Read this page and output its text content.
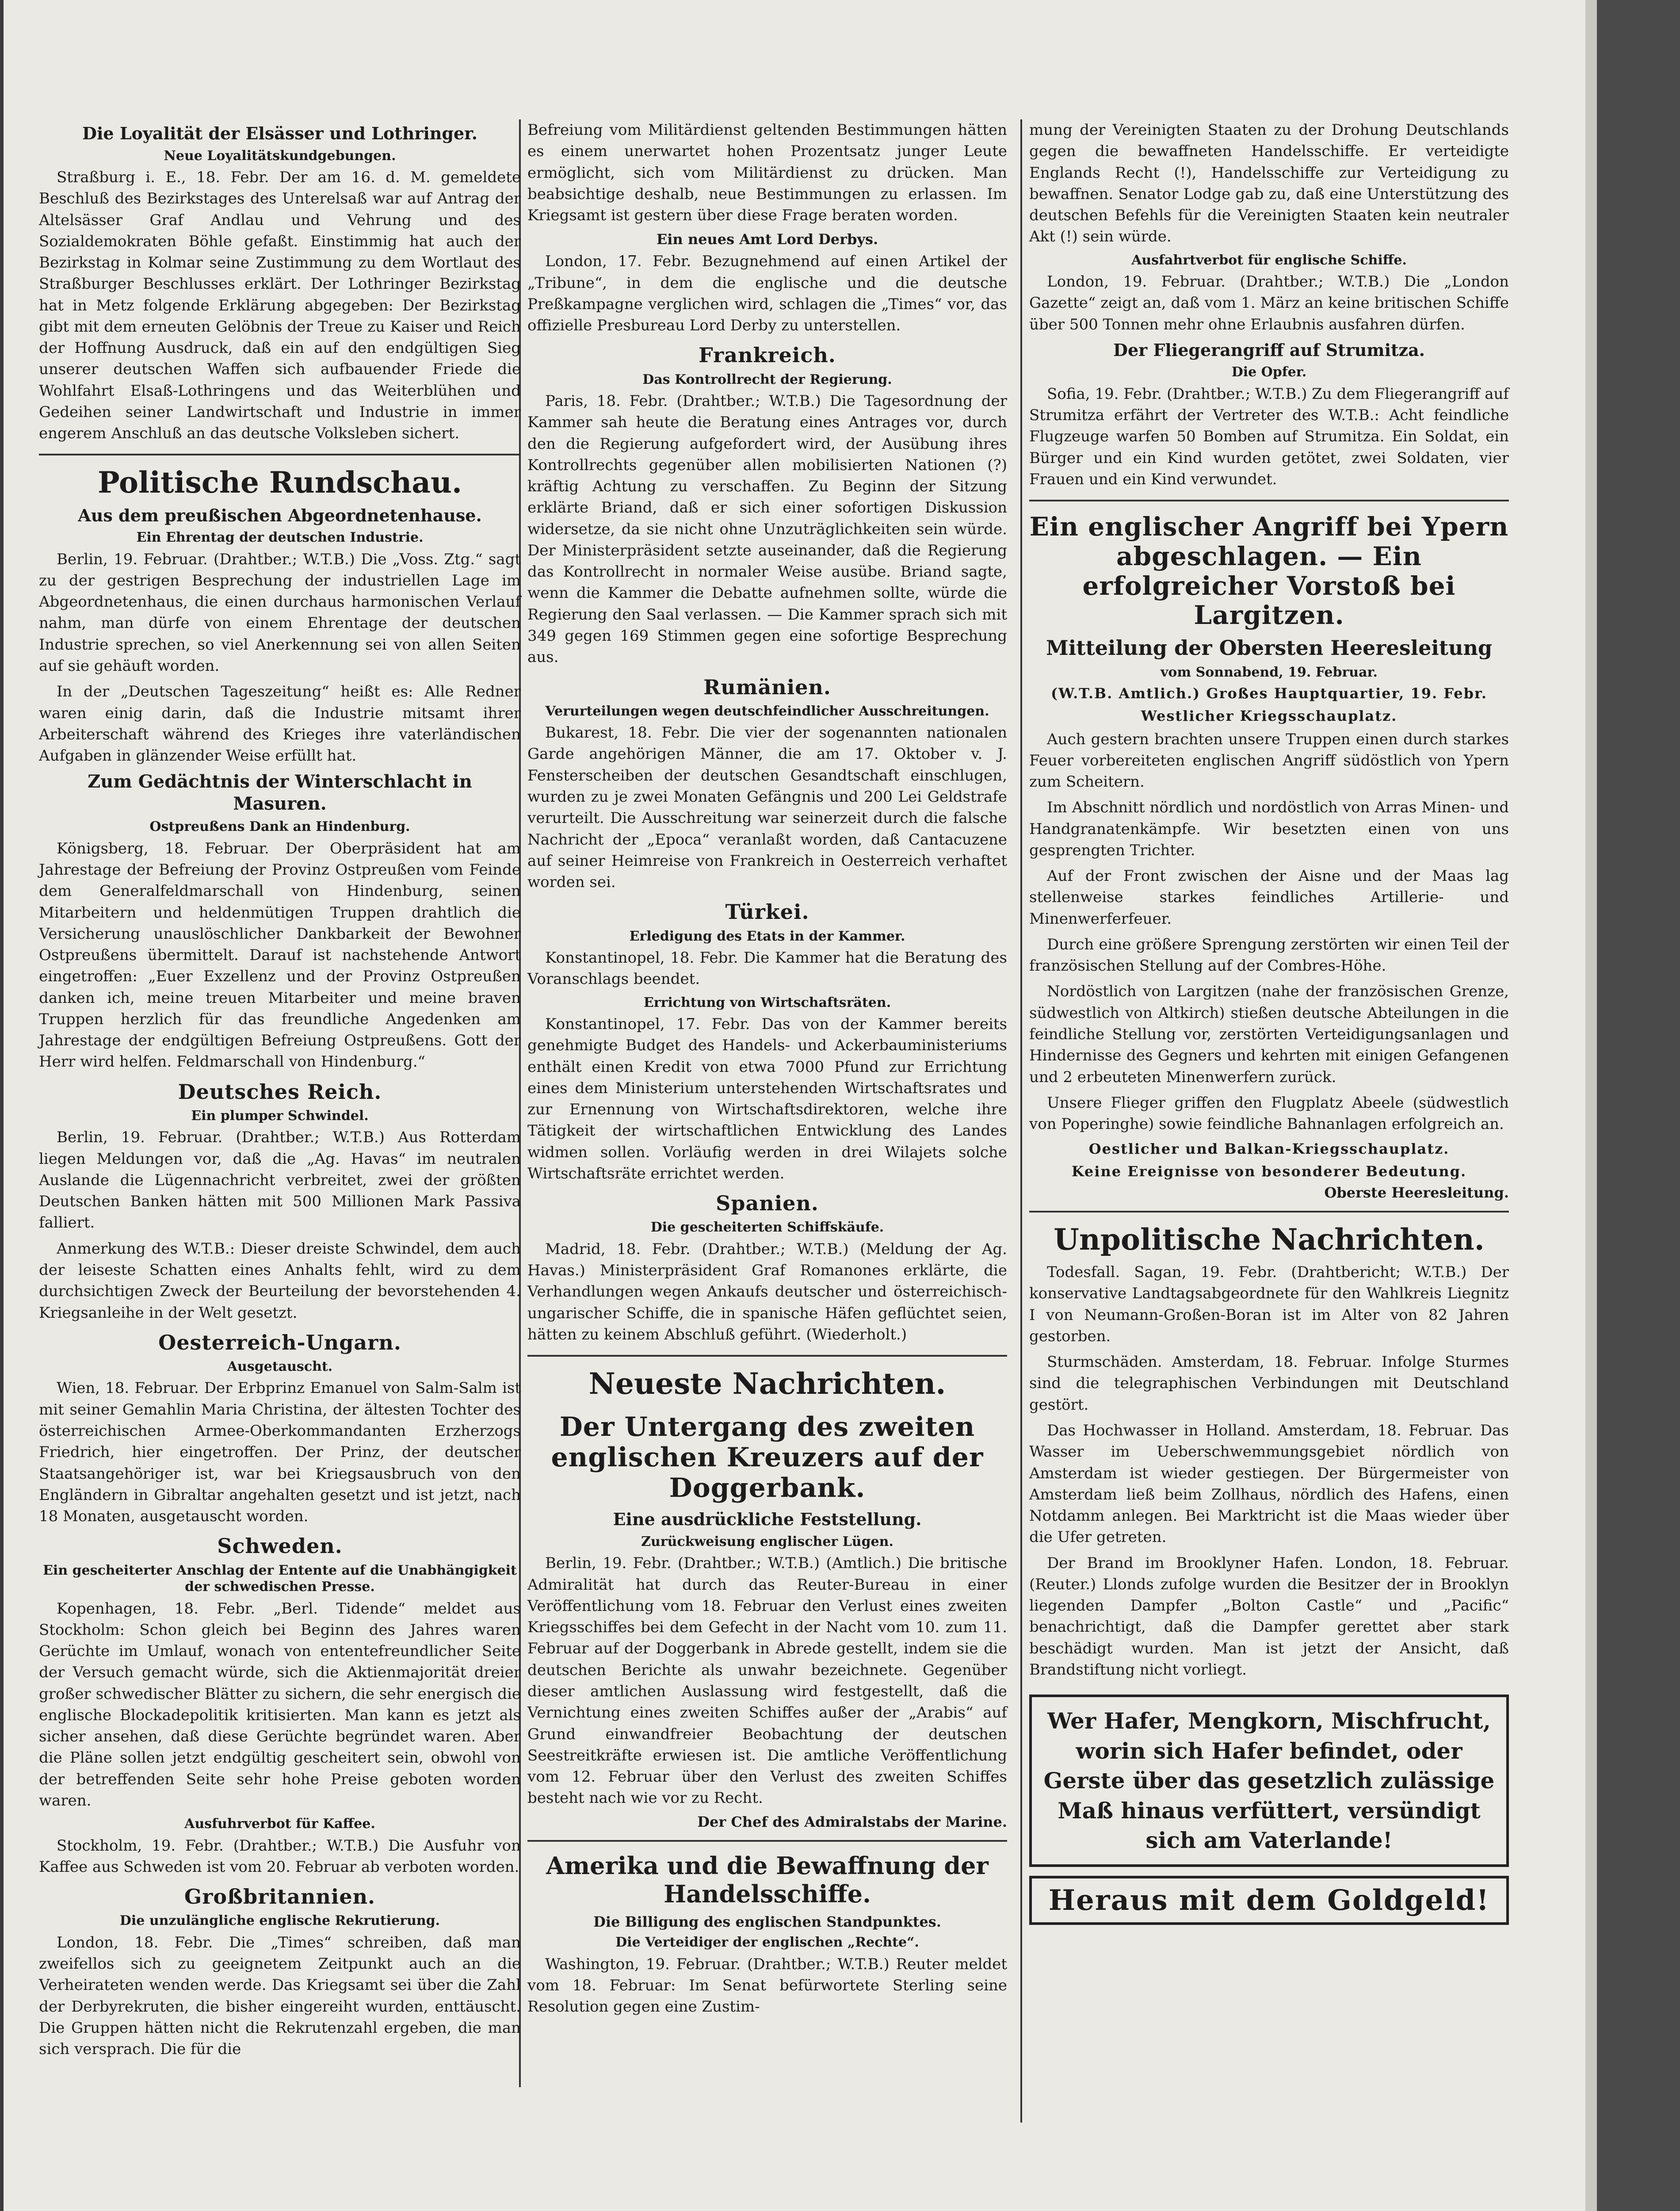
Die Loyalität der Elsässer und Lothringer.
Neue Loyalitätskundgebungen.

Straßburg i. E., 18. Febr. Der am 16. d. M. gemeldete Beschluß des Bezirkstages des Unterelsaß war auf Antrag der Altelsässer Graf Andlau und Vehrung und des Sozialdemokraten Böhle gefaßt. Einstimmig hat auch der Bezirkstag in Kolmar seine Zustimmung zu dem Wortlaut des Straßburger Beschlusses erklärt. Der Lothringer Bezirkstag hat in Metz folgende Erklärung abgegeben: Der Bezirkstag gibt mit dem erneuten Gelöbnis der Treue zu Kaiser und Reich der Hoffnung Ausdruck, daß ein auf den endgültigen Sieg unserer deutschen Waffen sich aufbauender Friede die Wohlfahrt Elsaß-Lothringens und das Weiterblühen und Gedeihen seiner Landwirtschaft und Industrie in immer engerem Anschluß an das deutsche Volksleben sichert.

Politische Rundschau.
Aus dem preußischen Abgeordnetenhause.
Ein Ehrentag der deutschen Industrie.

Berlin, 19. Februar. (Drahtber.; W.T.B.) Die „Voss. Ztg.“ sagt zu der gestrigen Besprechung der industriellen Lage im Abgeordnetenhaus, die einen durchaus harmonischen Verlauf nahm, man dürfe von einem Ehrentage der deutschen Industrie sprechen, so viel Anerkennung sei von allen Seiten auf sie gehäuft worden.

In der „Deutschen Tageszeitung“ heißt es: Alle Redner waren einig darin, daß die Industrie mitsamt ihrer Arbeiterschaft während des Krieges ihre vaterländischen Aufgaben in glänzender Weise erfüllt hat.

Zum Gedächtnis der Winterschlacht in Masuren.
Ostpreußens Dank an Hindenburg.

Königsberg, 18. Februar. Der Oberpräsident hat am Jahrestage der Befreiung der Provinz Ostpreußen vom Feinde dem Generalfeldmarschall von Hindenburg, seinen Mitarbeitern und heldenmütigen Truppen drahtlich die Versicherung unauslöschlicher Dankbarkeit der Bewohner Ostpreußens übermittelt. Darauf ist nachstehende Antwort eingetroffen: „Euer Exzellenz und der Provinz Ostpreußen danken ich, meine treuen Mitarbeiter und meine braven Truppen herzlich für das freundliche Angedenken am Jahrestage der endgültigen Befreiung Ostpreußens. Gott der Herr wird helfen. Feldmarschall von Hindenburg.“

Deutsches Reich.
Ein plumper Schwindel.

Berlin, 19. Februar. (Drahtber.; W.T.B.) Aus Rotterdam liegen Meldungen vor, daß die „Ag. Havas“ im neutralen Auslande die Lügennachricht verbreitet, zwei der größten Deutschen Banken hätten mit 500 Millionen Mark Passiva falliert.

Anmerkung des W.T.B.: Dieser dreiste Schwindel, dem auch der leiseste Schatten eines Anhalts fehlt, wird zu dem durchsichtigen Zweck der Beurteilung der bevorstehenden 4. Kriegsanleihe in der Welt gesetzt.

Oesterreich-Ungarn.
Ausgetauscht.

Wien, 18. Februar. Der Erbprinz Emanuel von Salm-Salm ist mit seiner Gemahlin Maria Christina, der ältesten Tochter des österreichischen Armee-Oberkommandanten Erzherzogs Friedrich, hier eingetroffen. Der Prinz, der deutscher Staatsangehöriger ist, war bei Kriegsausbruch von den Engländern in Gibraltar angehalten gesetzt und ist jetzt, nach 18 Monaten, ausgetauscht worden.

Schweden.
Ein gescheiterter Anschlag der Entente auf die Unabhängigkeit der schwedischen Presse.

Kopenhagen, 18. Febr. „Berl. Tidende“ meldet aus Stockholm: Schon gleich bei Beginn des Jahres waren Gerüchte im Umlauf, wonach von ententefreundlicher Seite der Versuch gemacht würde, sich die Aktienmajorität dreier großer schwedischer Blätter zu sichern, die sehr energisch die englische Blockadepolitik kritisierten. Man kann es jetzt als sicher ansehen, daß diese Gerüchte begründet waren. Aber die Pläne sollen jetzt endgültig gescheitert sein, obwohl von der betreffenden Seite sehr hohe Preise geboten worden waren.

Ausfuhrverbot für Kaffee.

Stockholm, 19. Febr. (Drahtber.; W.T.B.) Die Ausfuhr von Kaffee aus Schweden ist vom 20. Februar ab verboten worden.

Großbritannien.
Die unzulängliche englische Rekrutierung.

London, 18. Febr. Die „Times“ schreiben, daß man zweifellos sich zu geeignetem Zeitpunkt auch an die Verheirateten wenden werde. Das Kriegsamt sei über die Zahl der Derbyrekruten, die bisher eingereiht wurden, enttäuscht. Die Gruppen hätten nicht die Rekrutenzahl ergeben, die man sich versprach. Die für die

Befreiung vom Militärdienst geltenden Bestimmungen hätten es einem unerwartet hohen Prozentsatz junger Leute ermöglicht, sich vom Militärdienst zu drücken. Man beabsichtige deshalb, neue Bestimmungen zu erlassen. Im Kriegsamt ist gestern über diese Frage beraten worden.

Ein neues Amt Lord Derbys.

London, 17. Febr. Bezugnehmend auf einen Artikel der „Tribune“, in dem die englische und die deutsche Preßkampagne verglichen wird, schlagen die „Times“ vor, das offizielle Presbureau Lord Derby zu unterstellen.

Frankreich.
Das Kontrollrecht der Regierung.

Paris, 18. Febr. (Drahtber.; W.T.B.) Die Tagesordnung der Kammer sah heute die Beratung eines Antrages vor, durch den die Regierung aufgefordert wird, der Ausübung ihres Kontrollrechts gegenüber allen mobilisierten Nationen (?) kräftig Achtung zu verschaffen. Zu Beginn der Sitzung erklärte Briand, daß er sich einer sofortigen Diskussion widersetze, da sie nicht ohne Unzuträglichkeiten sein würde. Der Ministerpräsident setzte auseinander, daß die Regierung das Kontrollrecht in normaler Weise ausübe. Briand sagte, wenn die Kammer die Debatte aufnehmen sollte, würde die Regierung den Saal verlassen. — Die Kammer sprach sich mit 349 gegen 169 Stimmen gegen eine sofortige Besprechung aus.

Rumänien.
Verurteilungen wegen deutschfeindlicher Ausschreitungen.

Bukarest, 18. Febr. Die vier der sogenannten nationalen Garde angehörigen Männer, die am 17. Oktober v. J. Fensterscheiben der deutschen Gesandtschaft einschlugen, wurden zu je zwei Monaten Gefängnis und 200 Lei Geldstrafe verurteilt. Die Ausschreitung war seinerzeit durch die falsche Nachricht der „Epoca“ veranlaßt worden, daß Cantacuzene auf seiner Heimreise von Frankreich in Oesterreich verhaftet worden sei.

Türkei.
Erledigung des Etats in der Kammer.

Konstantinopel, 18. Febr. Die Kammer hat die Beratung des Voranschlags beendet.

Errichtung von Wirtschaftsräten.

Konstantinopel, 17. Febr. Das von der Kammer bereits genehmigte Budget des Handels- und Ackerbauministeriums enthält einen Kredit von etwa 7000 Pfund zur Errichtung eines dem Ministerium unterstehenden Wirtschaftsrates und zur Ernennung von Wirtschaftsdirektoren, welche ihre Tätigkeit der wirtschaftlichen Entwicklung des Landes widmen sollen. Vorläufig werden in drei Wilajets solche Wirtschaftsräte errichtet werden.

Spanien.
Die gescheiterten Schiffskäufe.

Madrid, 18. Febr. (Drahtber.; W.T.B.) (Meldung der Ag. Havas.) Ministerpräsident Graf Romanones erklärte, die Verhandlungen wegen Ankaufs deutscher und österreichisch-ungarischer Schiffe, die in spanische Häfen geflüchtet seien, hätten zu keinem Abschluß geführt. (Wiederholt.)

Neueste Nachrichten.
Der Untergang des zweiten englischen Kreuzers auf der Doggerbank.
Eine ausdrückliche Feststellung.
Zurückweisung englischer Lügen.

Berlin, 19. Febr. (Drahtber.; W.T.B.) (Amtlich.) Die britische Admiralität hat durch das Reuter-Bureau in einer Veröffentlichung vom 18. Februar den Verlust eines zweiten Kriegsschiffes bei dem Gefecht in der Nacht vom 10. zum 11. Februar auf der Doggerbank in Abrede gestellt, indem sie die deutschen Berichte als unwahr bezeichnete. Gegenüber dieser amtlichen Auslassung wird festgestellt, daß die Vernichtung eines zweiten Schiffes außer der „Arabis“ auf Grund einwandfreier Beobachtung der deutschen Seestreitkräfte erwiesen ist. Die amtliche Veröffentlichung vom 12. Februar über den Verlust des zweiten Schiffes besteht nach wie vor zu Recht.

Der Chef des Admiralstabs der Marine.
Amerika und die Bewaffnung der Handelsschiffe.
Die Billigung des englischen Standpunktes.
Die Verteidiger der englischen „Rechte“.

Washington, 19. Februar. (Drahtber.; W.T.B.) Reuter meldet vom 18. Februar: Im Senat befürwortete Sterling seine Resolution gegen eine Zustim-

mung der Vereinigten Staaten zu der Drohung Deutschlands gegen die bewaffneten Handelsschiffe. Er verteidigte Englands Recht (!), Handelsschiffe zur Verteidigung zu bewaffnen. Senator Lodge gab zu, daß eine Unterstützung des deutschen Befehls für die Vereinigten Staaten kein neutraler Akt (!) sein würde.

Ausfahrtverbot für englische Schiffe.

London, 19. Februar. (Drahtber.; W.T.B.) Die „London Gazette“ zeigt an, daß vom 1. März an keine britischen Schiffe über 500 Tonnen mehr ohne Erlaubnis ausfahren dürfen.

Der Fliegerangriff auf Strumitza.
Die Opfer.

Sofia, 19. Febr. (Drahtber.; W.T.B.) Zu dem Fliegerangriff auf Strumitza erfährt der Vertreter des W.T.B.: Acht feindliche Flugzeuge warfen 50 Bomben auf Strumitza. Ein Soldat, ein Bürger und ein Kind wurden getötet, zwei Soldaten, vier Frauen und ein Kind verwundet.

Ein englischer Angriff bei Ypern abgeschlagen. — Ein erfolgreicher Vorstoß bei Largitzen.
Mitteilung der Obersten Heeresleitung
vom Sonnabend, 19. Februar.
(W.T.B. Amtlich.) Großes Hauptquartier, 19. Febr.
Westlicher Kriegsschauplatz.

Auch gestern brachten unsere Truppen einen durch starkes Feuer vorbereiteten englischen Angriff südöstlich von Ypern zum Scheitern.

Im Abschnitt nördlich und nordöstlich von Arras Minen- und Handgranatenkämpfe. Wir besetzten einen von uns gesprengten Trichter.

Auf der Front zwischen der Aisne und der Maas lag stellenweise starkes feindliches Artillerie- und Minenwerferfeuer.

Durch eine größere Sprengung zerstörten wir einen Teil der französischen Stellung auf der Combres-Höhe.

Nordöstlich von Largitzen (nahe der französischen Grenze, südwestlich von Altkirch) stießen deutsche Abteilungen in die feindliche Stellung vor, zerstörten Verteidigungsanlagen und Hindernisse des Gegners und kehrten mit einigen Gefangenen und 2 erbeuteten Minenwerfern zurück.

Unsere Flieger griffen den Flugplatz Abeele (südwestlich von Poperinghe) sowie feindliche Bahnanlagen erfolgreich an.

Oestlicher und Balkan-Kriegsschauplatz.
Keine Ereignisse von besonderer Bedeutung.
Oberste Heeresleitung.
Unpolitische Nachrichten.

Todesfall. Sagan, 19. Febr. (Drahtbericht; W.T.B.) Der konservative Landtagsabgeordnete für den Wahlkreis Liegnitz I von Neumann-Großen-Boran ist im Alter von 82 Jahren gestorben.

Sturmschäden. Amsterdam, 18. Februar. Infolge Sturmes sind die telegraphischen Verbindungen mit Deutschland gestört.

Das Hochwasser in Holland. Amsterdam, 18. Februar. Das Wasser im Ueberschwemmungsgebiet nördlich von Amsterdam ist wieder gestiegen. Der Bürgermeister von Amsterdam ließ beim Zollhaus, nördlich des Hafens, einen Notdamm anlegen. Bei Marktricht ist die Maas wieder über die Ufer getreten.

Der Brand im Brooklyner Hafen. London, 18. Februar. (Reuter.) Llonds zufolge wurden die Besitzer der in Brooklyn liegenden Dampfer „Bolton Castle“ und „Pacific“ benachrichtigt, daß die Dampfer gerettet aber stark beschädigt wurden. Man ist jetzt der Ansicht, daß Brandstiftung nicht vorliegt.

Wer Hafer, Mengkorn, Mischfrucht, worin sich Hafer befindet, oder Gerste über das gesetzlich zulässige Maß hinaus verfüttert, versündigt sich am Vaterlande!
Heraus mit dem Goldgeld!
